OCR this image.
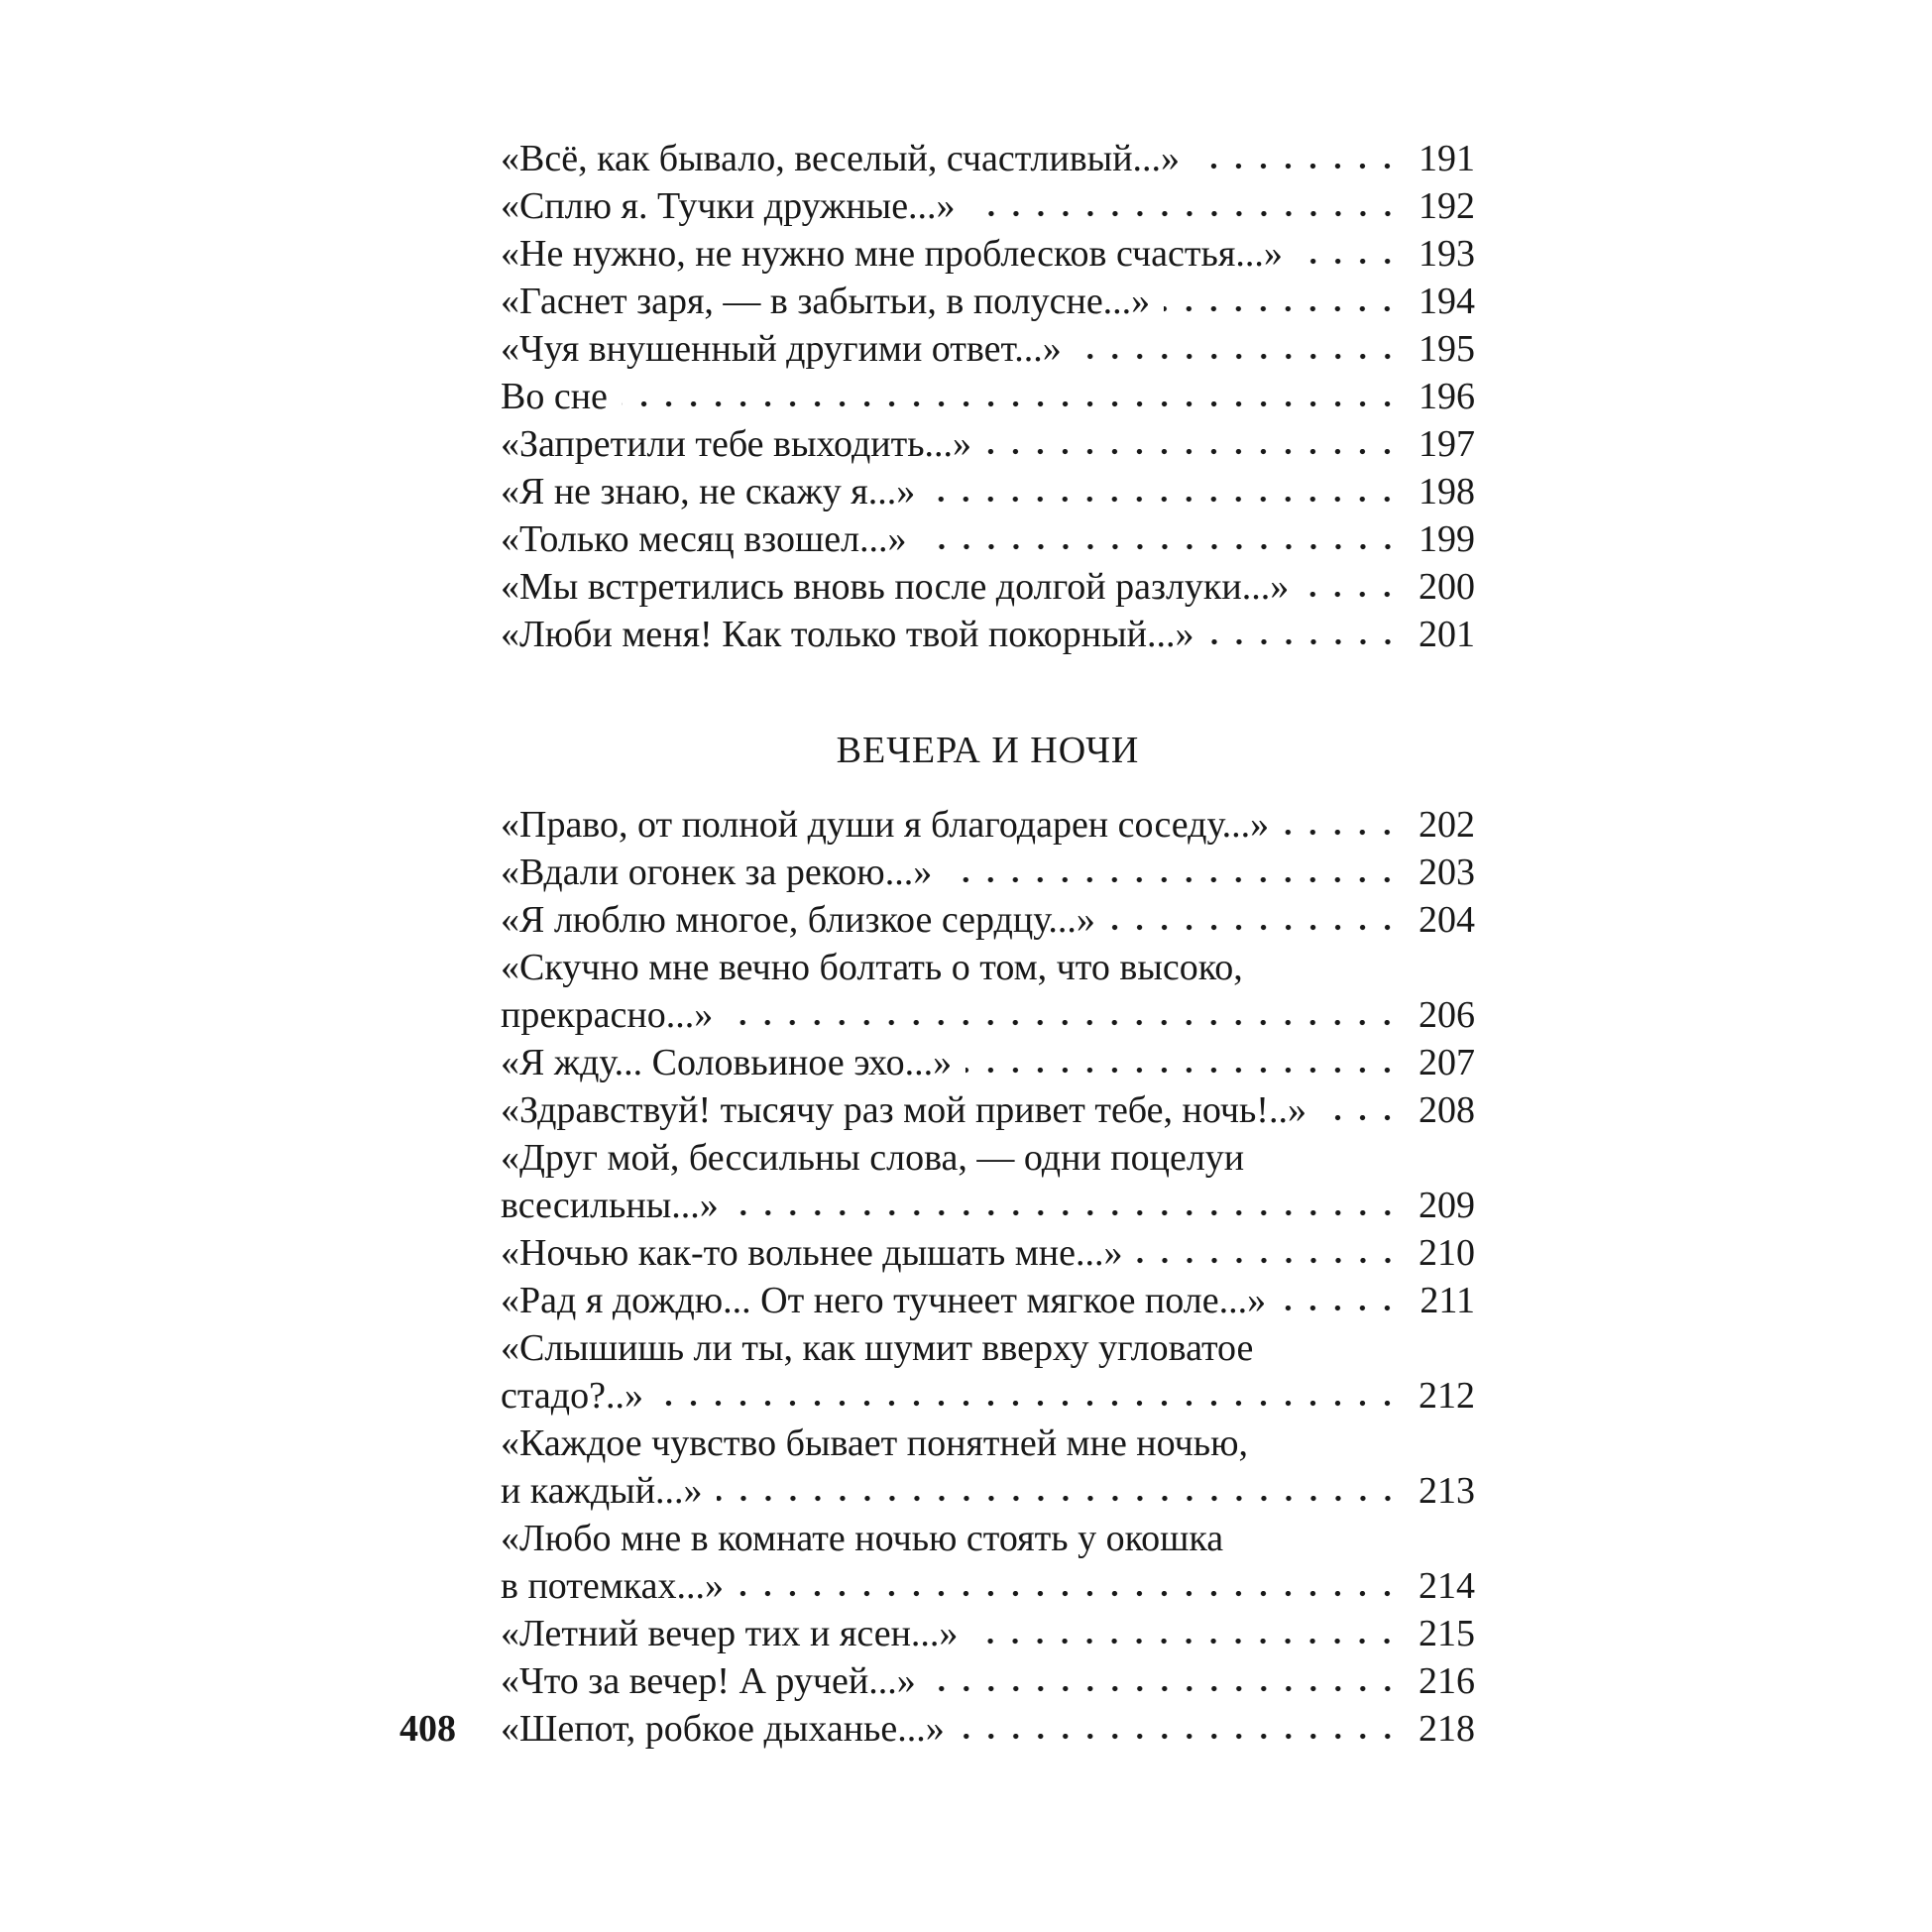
«Всё, как бывало, веселый, счастливый...»	191
«Сплю я. Тучки дружные...»	192
«Не нужно, не нужно мне проблесков счастья...»	193
«Гаснет заря, — в забытьи, в полусне...»	194
«Чуя внушенный другими ответ...»	195
Во сне	196
«Запретили тебе выходить...»	197
«Я не знаю, не скажу я...»	198
«Только месяц взошел...»	199
«Мы встретились вновь после долгой разлуки...»	200
«Люби меня! Как только твой покорный...»	201
ВЕЧЕРА И НОЧИ
«Право, от полной души я благодарен соседу...»	202
«Вдали огонек за рекою...»	203
«Я люблю многое, близкое сердцу...»	204
«Скучно мне вечно болтать о том, что высоко,
прекрасно...»	206
«Я жду... Соловьиное эхо...»	207
«Здравствуй! тысячу раз мой привет тебе, ночь!..»	208
«Друг мой, бессильны слова, — одни поцелуи
всесильны...»	209
«Ночью как-то вольнее дышать мне...»	210
«Рад я дождю... От него тучнеет мягкое поле...»	211
«Слышишь ли ты, как шумит вверху угловатое
стадо?..»	212
«Каждое чувство бывает понятней мне ночью,
и каждый...»	213
«Любо мне в комнате ночью стоять у окошка
в потемках...»	214
«Летний вечер тих и ясен...»	215
«Что за вечер! А ручей...»	216
«Шепот, робкое дыханье...»	218
408
